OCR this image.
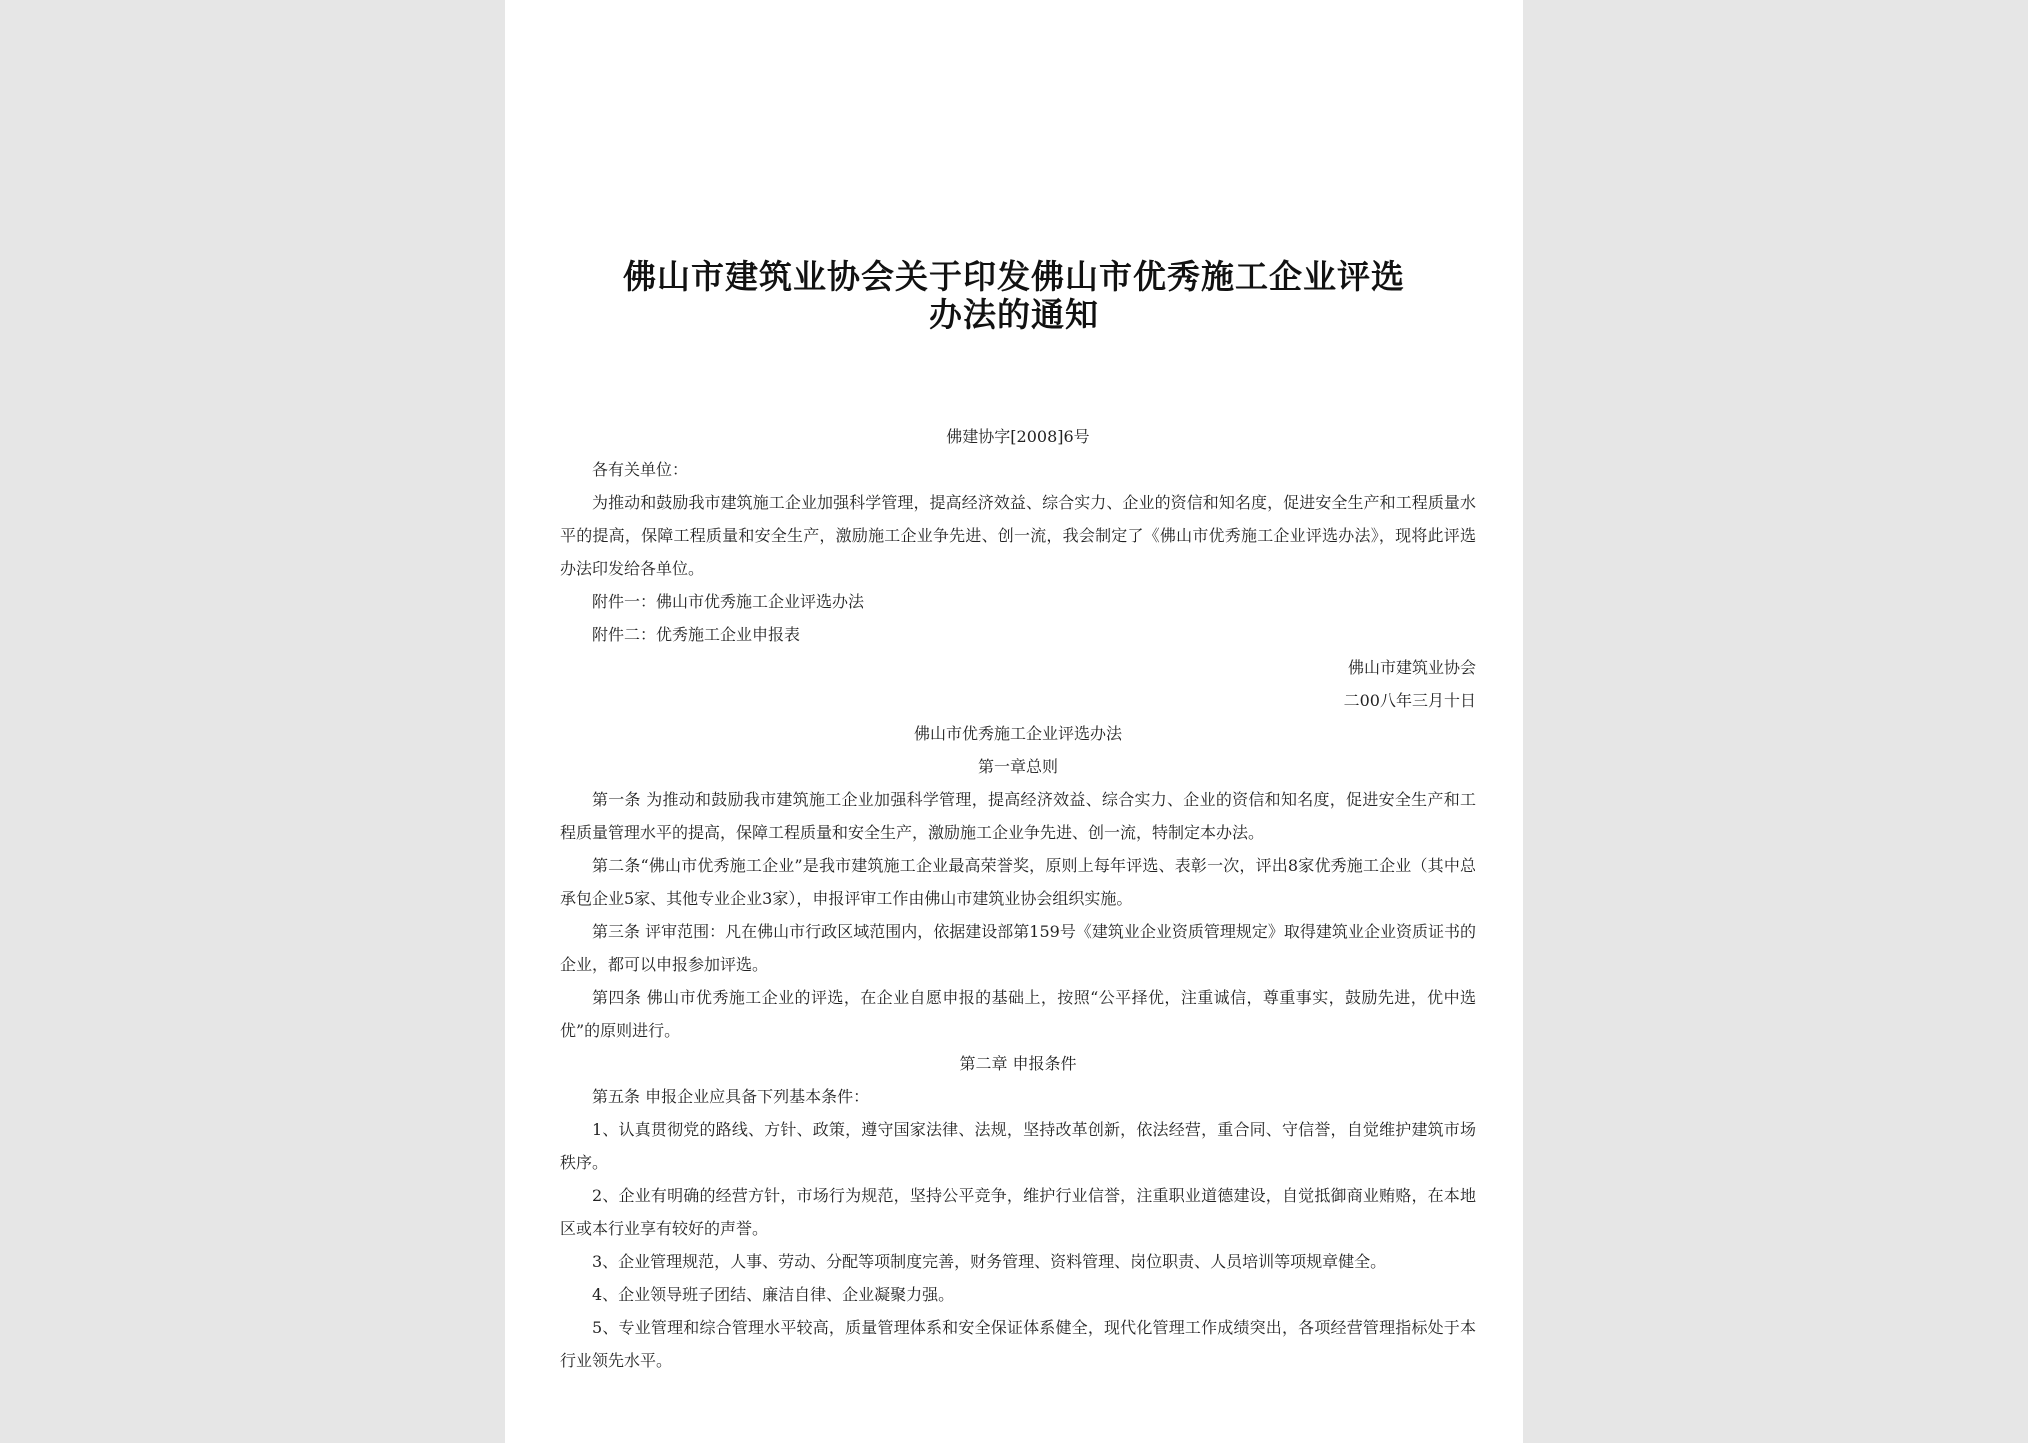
佛山市建筑业协会关于印发佛山市优秀施工企业评选
办法的通知

佛建协字[2008]6号

各有关单位：

为推动和鼓励我市建筑施工企业加强科学管理，提高经济效益、综合实力、企业的资信和知名度，促进安全生产和工程质量水平的提高，保障工程质量和安全生产，激励施工企业争先进、创一流，我会制定了《佛山市优秀施工企业评选办法》，现将此评选办法印发给各单位。

附件一：佛山市优秀施工企业评选办法

附件二：优秀施工企业申报表

佛山市建筑业协会

二00八年三月十日

佛山市优秀施工企业评选办法

第一章总则

第一条 为推动和鼓励我市建筑施工企业加强科学管理，提高经济效益、综合实力、企业的资信和知名度，促进安全生产和工程质量管理水平的提高，保障工程质量和安全生产，激励施工企业争先进、创一流，特制定本办法。

第二条“佛山市优秀施工企业”是我市建筑施工企业最高荣誉奖，原则上每年评选、表彰一次，评出8家优秀施工企业（其中总承包企业5家、其他专业企业3家），申报评审工作由佛山市建筑业协会组织实施。

第三条 评审范围：凡在佛山市行政区域范围内，依据建设部第159号《建筑业企业资质管理规定》取得建筑业企业资质证书的企业，都可以申报参加评选。

第四条 佛山市优秀施工企业的评选，在企业自愿申报的基础上，按照“公平择优，注重诚信，尊重事实，鼓励先进，优中选优”的原则进行。

第二章 申报条件

第五条 申报企业应具备下列基本条件：

1、认真贯彻党的路线、方针、政策，遵守国家法律、法规，坚持改革创新，依法经营，重合同、守信誉，自觉维护建筑市场秩序。

2、企业有明确的经营方针，市场行为规范，坚持公平竞争，维护行业信誉，注重职业道德建设，自觉抵御商业贿赂，在本地区或本行业享有较好的声誉。

3、企业管理规范，人事、劳动、分配等项制度完善，财务管理、资料管理、岗位职责、人员培训等项规章健全。

4、企业领导班子团结、廉洁自律、企业凝聚力强。

5、专业管理和综合管理水平较高，质量管理体系和安全保证体系健全，现代化管理工作成绩突出，各项经营管理指标处于本行业领先水平。
